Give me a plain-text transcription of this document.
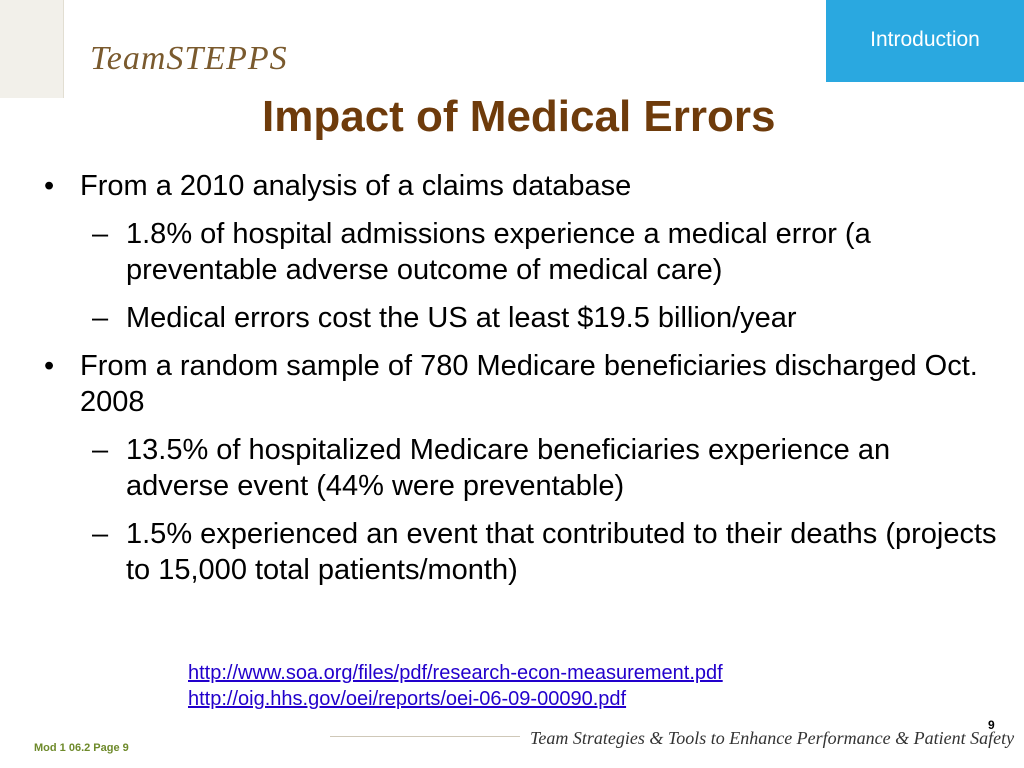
TeamSTEPPS
Introduction
Impact of Medical Errors
• From a 2010 analysis of a claims database
– 1.8% of hospital admissions experience a medical error (a preventable adverse outcome of medical care)
– Medical errors cost the US at least $19.5 billion/year
• From a random sample of 780 Medicare beneficiaries discharged Oct. 2008
– 13.5% of hospitalized Medicare beneficiaries experience an adverse event (44% were preventable)
– 1.5% experienced an event that contributed to their deaths (projects to 15,000 total patients/month)
http://www.soa.org/files/pdf/research-econ-measurement.pdf
http://oig.hhs.gov/oei/reports/oei-06-09-00090.pdf
9
Team Strategies & Tools to Enhance Performance & Patient Safety
Mod 1 06.2 Page 9
